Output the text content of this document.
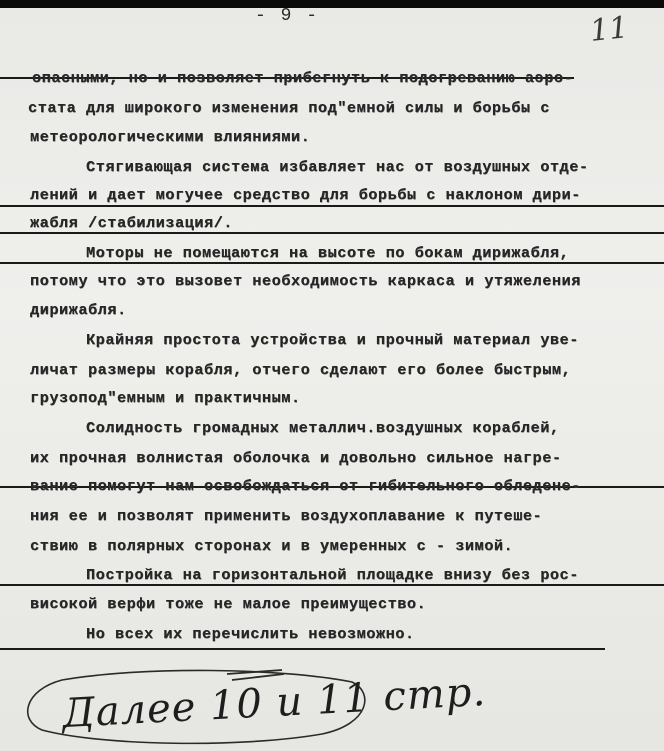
- 9 -	11
опасными, но и позволяет прибегнуть к подогреванию аэро-
стата для широкого изменения под"емной силы и борьбы с
метеорологическими влияниями.
Стягивающая система избавляет нас от воздушных отде-
лений и дает могучее средство для борьбы с наклоном дири-
жабля /стабилизация/.
Моторы не помещаются на высоте по бокам дирижабля,
потому что это вызовет необходимость каркаса и утяжеления
дирижабля.
Крайняя простота устройства и прочный материал уве-
личат размеры корабля, отчего сделают его более быстрым,
грузопод"емным и практичным.
Солидность громадных металлич.воздушных кораблей,
их прочная волнистая оболочка и довольно сильное нагре-
вание помогут нам освобождаться от гибительного обледене-
ния ее и позволят применить воздухоплавание к путеше-
ствию в полярных сторонах и в умеренных с - зимой.
Постройка на горизонтальной площадке внизу без рос-
високой верфи тоже не малое преимущество.
Но всех их перечислить невозможно.
Далее 10 и 11 стр.
